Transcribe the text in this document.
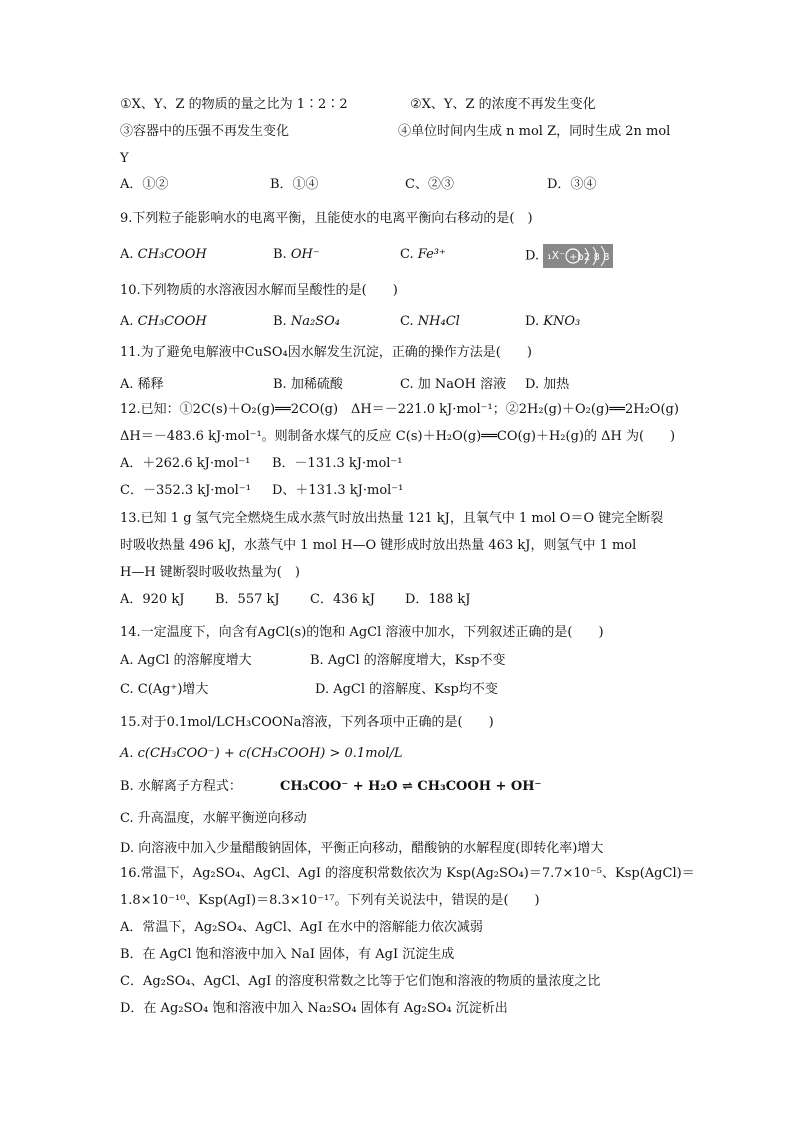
①X、Y、Z 的物质的量之比为 1∶2∶2	②X、Y、Z 的浓度不再发生变化
③容器中的压强不再发生变化	④单位时间内生成 n mol Z，同时生成 2n mol
Y
A．①②	B．①④	C、②③	D．③④
9.下列粒子能影响水的电离平衡，且能使水的电离平衡向右移动的是(　)
A. CH₃COOH	B. OH⁻	C. Fe³⁺	D. ₁X⁻ +b 2 8 8
10.下列物质的水溶液因水解而呈酸性的是(　　)
A. CH₃COOH	B. Na₂SO₄	C. NH₄Cl	D. KNO₃
11.为了避免电解液中CuSO₄因水解发生沉淀，正确的操作方法是(　　)
A. 稀释	B. 加稀硫酸	C. 加 NaOH 溶液 D. 加热
12.已知：①2C(s)＋O₂(g)══2CO(g)　ΔH＝－221.0 kJ·mol⁻¹；②2H₂(g)＋O₂(g)══2H₂O(g)
ΔH＝－483.6 kJ·mol⁻¹。则制备水煤气的反应 C(s)＋H₂O(g)══CO(g)＋H₂(g)的 ΔH 为(　　)
A．＋262.6 kJ·mol⁻¹ B．－131.3 kJ·mol⁻¹
C．－352.3 kJ·mol⁻¹ D、＋131.3 kJ·mol⁻¹
13.已知 1 g 氢气完全燃烧生成水蒸气时放出热量 121 kJ，且氧气中 1 mol O＝O 键完全断裂
时吸收热量 496 kJ，水蒸气中 1 mol H—O 键形成时放出热量 463 kJ，则氢气中 1 mol
H—H 键断裂时吸收热量为(　)
A．920 kJ B．557 kJ C．436 kJ D．188 kJ
14.一定温度下，向含有AgCl(s)的饱和 AgCl 溶液中加水，下列叙述正确的是(　　)
A. AgCl 的溶解度增大	B. AgCl 的溶解度增大，Ksp不变
C. C(Ag⁺)增大	D. AgCl 的溶解度、Ksp均不变
15.对于0.1mol/LCH₃COONa溶液，下列各项中正确的是(　　)
A. c(CH₃COO⁻) + c(CH₃COOH) > 0.1mol/L
B. 水解离子方程式：	CH₃COO⁻ + H₂O ⇌ CH₃COOH + OH⁻
C. 升高温度，水解平衡逆向移动
D. 向溶液中加入少量醋酸钠固体，平衡正向移动，醋酸钠的水解程度(即转化率)增大
16.常温下，Ag₂SO₄、AgCl、AgI 的溶度积常数依次为 Ksp(Ag₂SO₄)＝7.7×10⁻⁵、Ksp(AgCl)＝
1.8×10⁻¹⁰、Ksp(AgI)＝8.3×10⁻¹⁷。下列有关说法中，错误的是(　　)
A．常温下，Ag₂SO₄、AgCl、AgI 在水中的溶解能力依次减弱
B．在 AgCl 饱和溶液中加入 NaI 固体，有 AgI 沉淀生成
C．Ag₂SO₄、AgCl、AgI 的溶度积常数之比等于它们饱和溶液的物质的量浓度之比
D．在 Ag₂SO₄ 饱和溶液中加入 Na₂SO₄ 固体有 Ag₂SO₄ 沉淀析出
